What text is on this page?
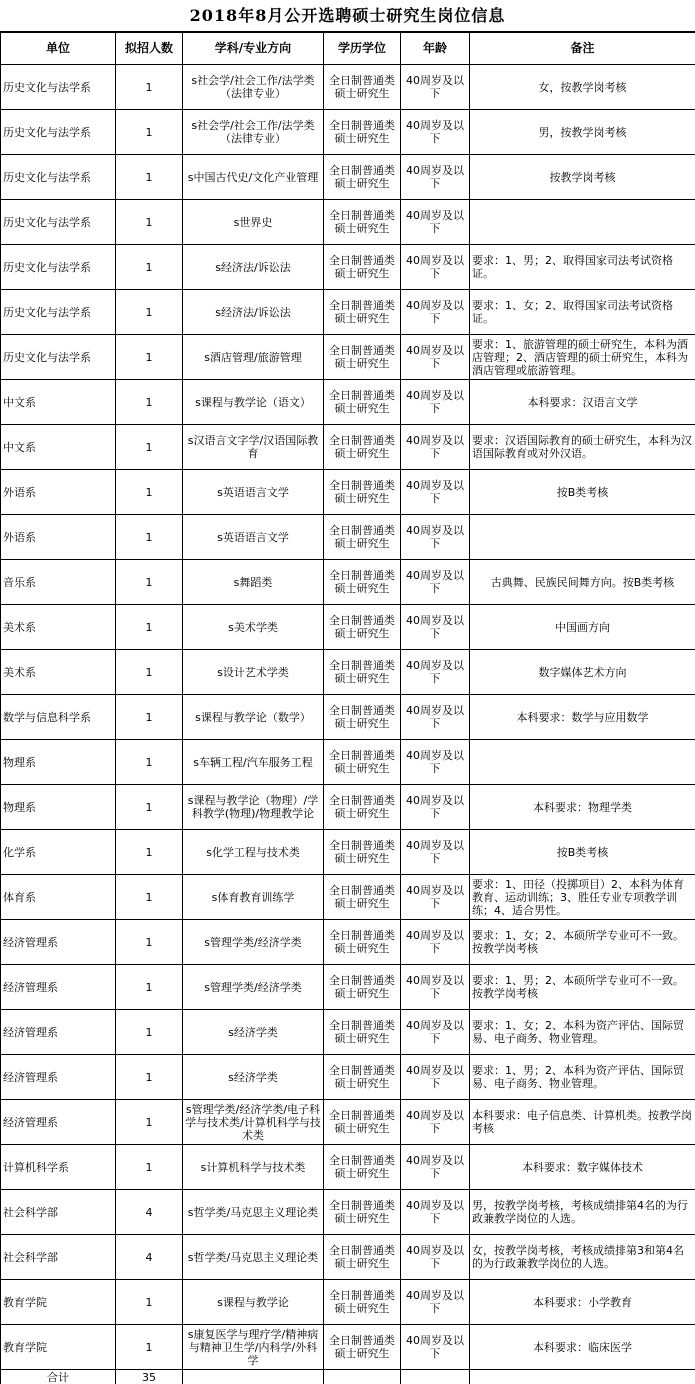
2018年8月公开选聘硕士研究生岗位信息
单位	拟招人数	学科/专业方向	学历学位	年龄	备注
历史文化与法学系	1	s社会学/社会工作/法学类（法律专业）	全日制普通类硕士研究生	40周岁及以下	女，按教学岗考核
历史文化与法学系	1	s社会学/社会工作/法学类（法律专业）	全日制普通类硕士研究生	40周岁及以下	男，按教学岗考核
历史文化与法学系	1	s中国古代史/文化产业管理	全日制普通类硕士研究生	40周岁及以下	按教学岗考核
历史文化与法学系	1	s世界史	全日制普通类硕士研究生	40周岁及以下	
历史文化与法学系	1	s经济法/诉讼法	全日制普通类硕士研究生	40周岁及以下	要求：1、男；2、取得国家司法考试资格证。
历史文化与法学系	1	s经济法/诉讼法	全日制普通类硕士研究生	40周岁及以下	要求：1、女；2、取得国家司法考试资格证。
历史文化与法学系	1	s酒店管理/旅游管理	全日制普通类硕士研究生	40周岁及以下	要求：1、旅游管理的硕士研究生，本科为酒店管理；2、酒店管理的硕士研究生，本科为酒店管理或旅游管理。
中文系	1	s课程与教学论（语文）	全日制普通类硕士研究生	40周岁及以下	本科要求：汉语言文学
中文系	1	s汉语言文字学/汉语国际教育	全日制普通类硕士研究生	40周岁及以下	要求：汉语国际教育的硕士研究生，本科为汉语国际教育或对外汉语。
外语系	1	s英语语言文学	全日制普通类硕士研究生	40周岁及以下	按B类考核
外语系	1	s英语语言文学	全日制普通类硕士研究生	40周岁及以下	
音乐系	1	s舞蹈类	全日制普通类硕士研究生	40周岁及以下	古典舞、民族民间舞方向。按B类考核
美术系	1	s美术学类	全日制普通类硕士研究生	40周岁及以下	中国画方向
美术系	1	s设计艺术学类	全日制普通类硕士研究生	40周岁及以下	数字媒体艺术方向
数学与信息科学系	1	s课程与教学论（数学）	全日制普通类硕士研究生	40周岁及以下	本科要求：数学与应用数学
物理系	1	s车辆工程/汽车服务工程	全日制普通类硕士研究生	40周岁及以下	
物理系	1	s课程与教学论（物理）/学科教学(物理)/物理教学论	全日制普通类硕士研究生	40周岁及以下	本科要求：物理学类
化学系	1	s化学工程与技术类	全日制普通类硕士研究生	40周岁及以下	按B类考核
体育系	1	s体育教育训练学	全日制普通类硕士研究生	40周岁及以下	要求：1、田径（投掷项目）2、本科为体育教育、运动训练；3、胜任专业专项教学训练；4、适合男性。
经济管理系	1	s管理学类/经济学类	全日制普通类硕士研究生	40周岁及以下	要求：1、女；2、本硕所学专业可不一致。按教学岗考核
经济管理系	1	s管理学类/经济学类	全日制普通类硕士研究生	40周岁及以下	要求：1、男；2、本硕所学专业可不一致。按教学岗考核
经济管理系	1	s经济学类	全日制普通类硕士研究生	40周岁及以下	要求：1、女；2、本科为资产评估、国际贸易、电子商务、物业管理。
经济管理系	1	s经济学类	全日制普通类硕士研究生	40周岁及以下	要求：1、男；2、本科为资产评估、国际贸易、电子商务、物业管理。
经济管理系	1	s管理学类/经济学类/电子科学与技术类/计算机科学与技术类	全日制普通类硕士研究生	40周岁及以下	本科要求：电子信息类、计算机类。按教学岗考核
计算机科学系	1	s计算机科学与技术类	全日制普通类硕士研究生	40周岁及以下	本科要求：数字媒体技术
社会科学部	4	s哲学类/马克思主义理论类	全日制普通类硕士研究生	40周岁及以下	男，按教学岗考核，考核成绩排第4名的为行政兼教学岗位的人选。
社会科学部	4	s哲学类/马克思主义理论类	全日制普通类硕士研究生	40周岁及以下	女，按教学岗考核，考核成绩排第3和第4名的为行政兼教学岗位的人选。
教育学院	1	s课程与教学论	全日制普通类硕士研究生	40周岁及以下	本科要求：小学教育
教育学院	1	s康复医学与理疗学/精神病与精神卫生学/内科学/外科学	全日制普通类硕士研究生	40周岁及以下	本科要求：临床医学
合计	35				
